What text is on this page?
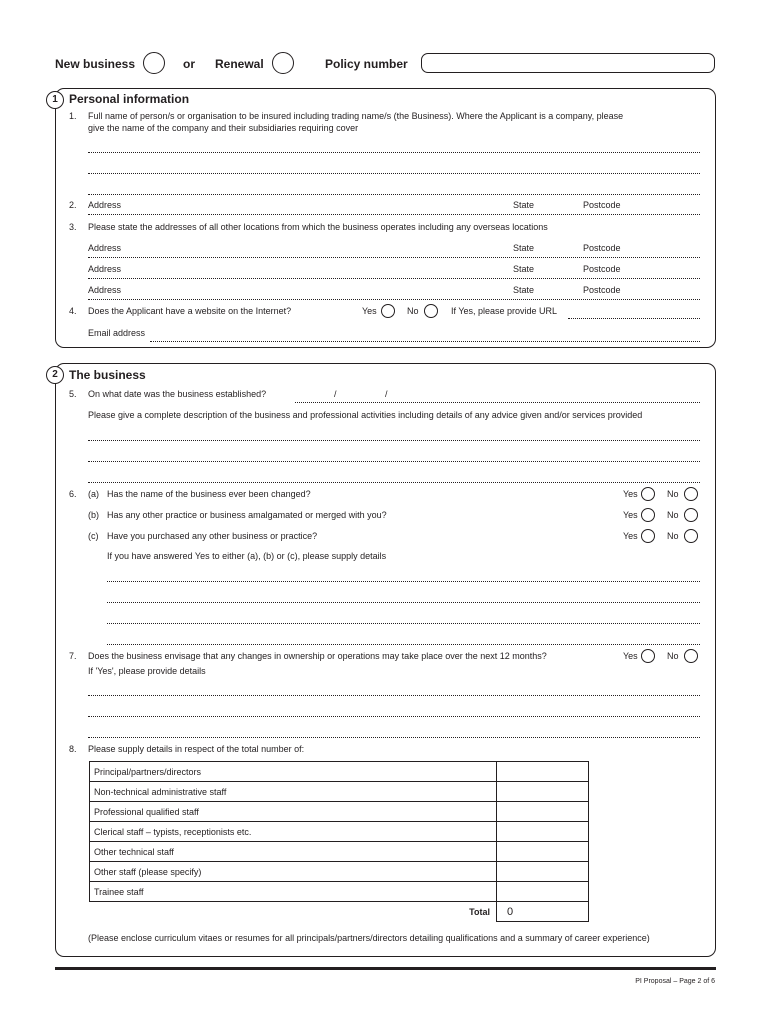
New business	or Renewal	Policy number
1 Personal information
1. Full name of person/s or organisation to be insured including trading name/s (the Business). Where the Applicant is a company, please
give the name of the company and their subsidiaries requiring cover
2. Address	State	Postcode
3. Please state the addresses of all other locations from which the business operates including any overseas locations
Address	State	Postcode
Address	State	Postcode
Address	State	Postcode
4. Does the Applicant have a website on the Internet?	Yes	No	If Yes, please provide URL
Email address
2 The business
5. On what date was the business established?	/	/
Please give a complete description of the business and professional activities including details of any advice given and/or services provided
6. (a) Has the name of the business ever been changed?	Yes	No
(b) Has any other practice or business amalgamated or merged with you?	Yes	No
(c) Have you purchased any other business or practice?	Yes	No
If you have answered Yes to either (a), (b) or (c), please supply details
7. Does the business envisage that any changes in ownership or operations may take place over the next 12 months?	Yes	No
If 'Yes', please provide details
8. Please supply details in respect of the total number of:
Principal/partners/directors	
Non-technical administrative staff	
Professional qualified staff	
Clerical staff – typists, receptionists etc.	
Other technical staff	
Other staff (please specify)	
Trainee staff	
Total	0
(Please enclose curriculum vitaes or resumes for all principals/partners/directors detailing qualifications and a summary of career experience)
PI Proposal – Page 2 of 6
